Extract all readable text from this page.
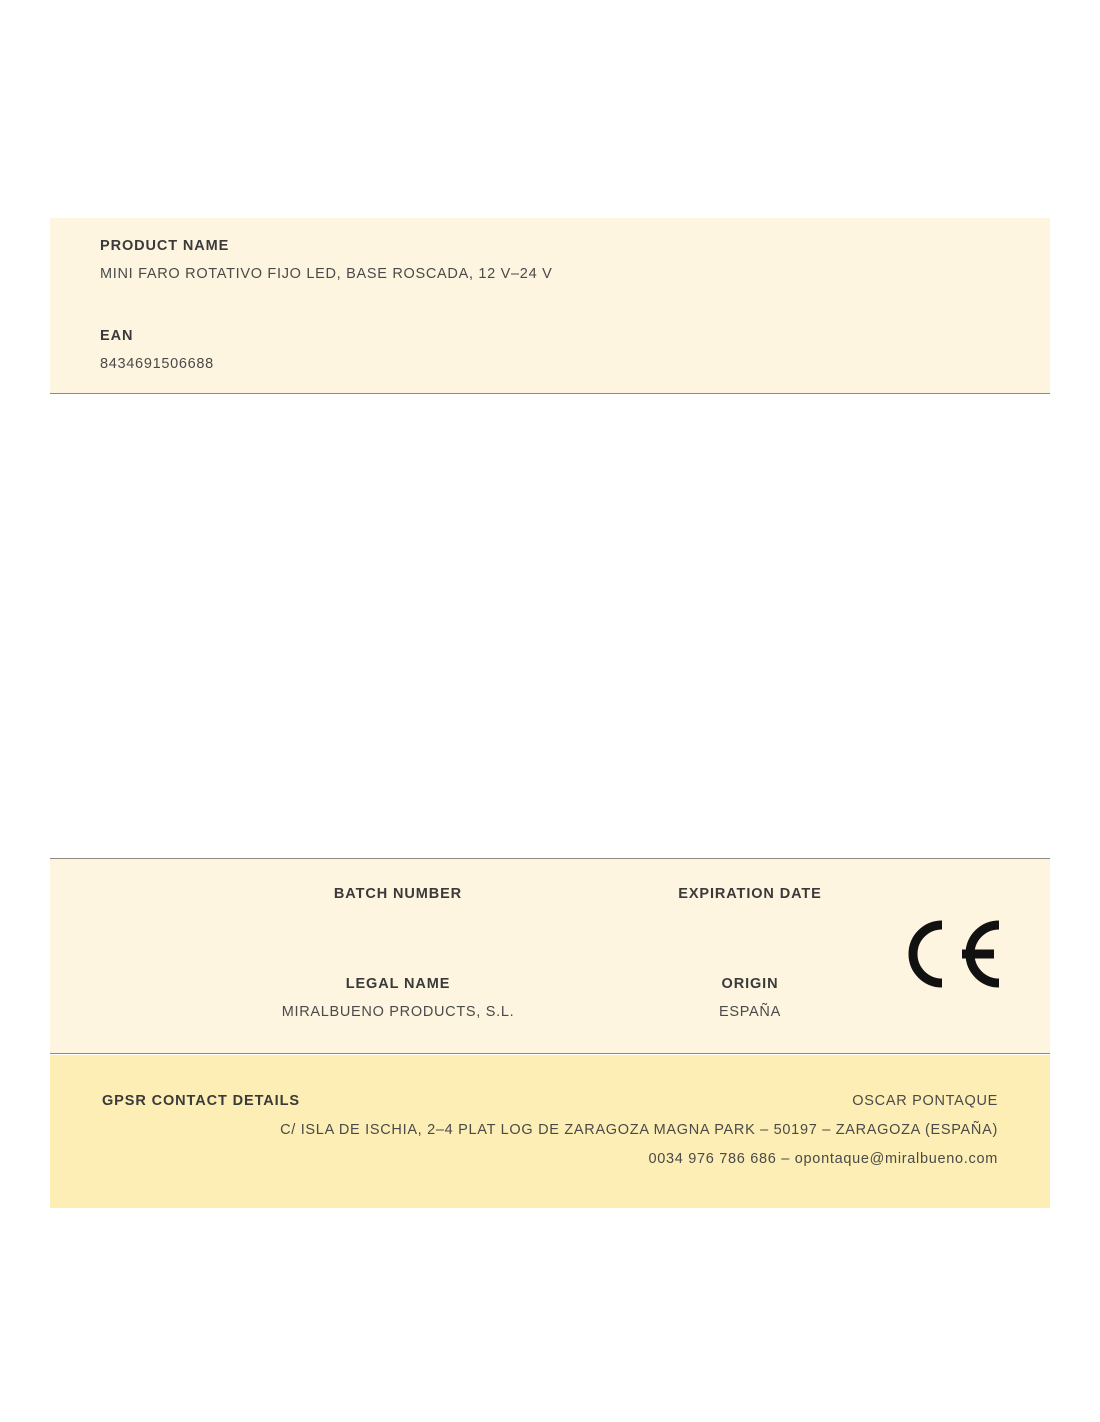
PRODUCT NAME
MINI FARO ROTATIVO FIJO LED, BASE ROSCADA, 12 V–24 V
EAN
8434691506688
BATCH NUMBER	EXPIRATION DATE
LEGAL NAME
MIRALBUENO PRODUCTS, S.L.
ORIGIN
ESPAÑA
GPSR CONTACT DETAILS	OSCAR PONTAQUE
C/ ISLA DE ISCHIA, 2–4 PLAT LOG DE ZARAGOZA MAGNA PARK – 50197 – ZARAGOZA (ESPAÑA)
0034 976 786 686 – opontaque@miralbueno.com
